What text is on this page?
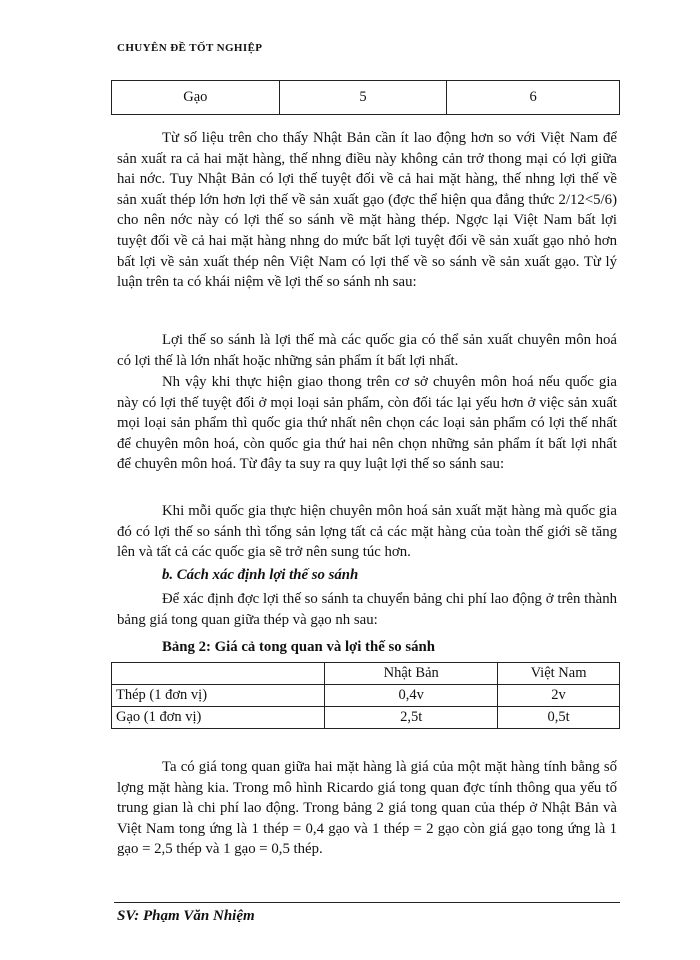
CHUYÊN ĐỀ TỐT NGHIỆP
Gạo	5	6

Từ số liệu trên cho thấy Nhật Bản cần ít lao động hơn so với Việt Nam để sản xuất ra cả hai mặt hàng, thế nhng điều này không cản trở thong mại có lợi giữa hai nớc. Tuy Nhật Bản có lợi thế tuyệt đối về cả hai mặt hàng, thế nhng lợi thế về sản xuất thép lớn hơn lợi thế về sản xuất gạo (đợc thể hiện qua đẳng thức 2/12<5/6) cho nên nớc này có lợi thế so sánh về mặt hàng thép. Ngợc lại Việt Nam bất lợi tuyệt đối về cả hai mặt hàng nhng do mức bất lợi tuyệt đối về sản xuất gạo nhỏ hơn bất lợi về sản xuất thép nên Việt Nam có lợi thế về so sánh về sản xuất gạo. Từ lý luận trên ta có khái niệm về lợi thế so sánh nh sau:

Lợi thế so sánh là lợi thế mà các quốc gia có thể sản xuất chuyên môn hoá có lợi thế là lớn nhất hoặc những sản phẩm ít bất lợi nhất.

Nh vậy khi thực hiện giao thong trên cơ sở chuyên môn hoá nếu quốc gia này có lợi thế tuyệt đối ở mọi loại sản phẩm, còn đối tác lại yếu hơn ở việc sản xuất mọi loại sản phẩm thì quốc gia thứ nhất nên chọn các loại sản phẩm có lợi thế nhất để chuyên môn hoá, còn quốc gia thứ hai nên chọn những sản phẩm ít bất lợi nhất để chuyên môn hoá. Từ đây ta suy ra quy luật lợi thế so sánh sau:

Khi mỗi quốc gia thực hiện chuyên môn hoá sản xuất mặt hàng mà quốc gia đó có lợi thế so sánh thì tổng sản lợng tất cả các mặt hàng của toàn thế giới sẽ tăng lên và tất cả các quốc gia sẽ trở nên sung túc hơn.

b. Cách xác định lợi thế so sánh

Để xác định đợc lợi thế so sánh ta chuyển bảng chi phí lao động ở trên thành bảng giá tong quan giữa thép và gạo nh sau:

Bảng 2: Giá cả tong quan và lợi thế so sánh

	Nhật Bản	Việt Nam
Thép (1 đơn vị)	0,4v	2v
Gạo (1 đơn vị)	2,5t	0,5t

Ta có giá tong quan giữa hai mặt hàng là giá của một mặt hàng tính bằng số lợng mặt hàng kia. Trong mô hình Ricardo giá tong quan đợc tính thông qua yếu tố trung gian là chi phí lao động. Trong bảng 2 giá tong quan của thép ở Nhật Bản và Việt Nam tong ứng là 1 thép = 0,4 gạo và 1 thép = 2 gạo còn giá gạo tong ứng là 1 gạo = 2,5 thép và 1 gạo = 0,5 thép.

SV: Phạm Văn Nhiệm
